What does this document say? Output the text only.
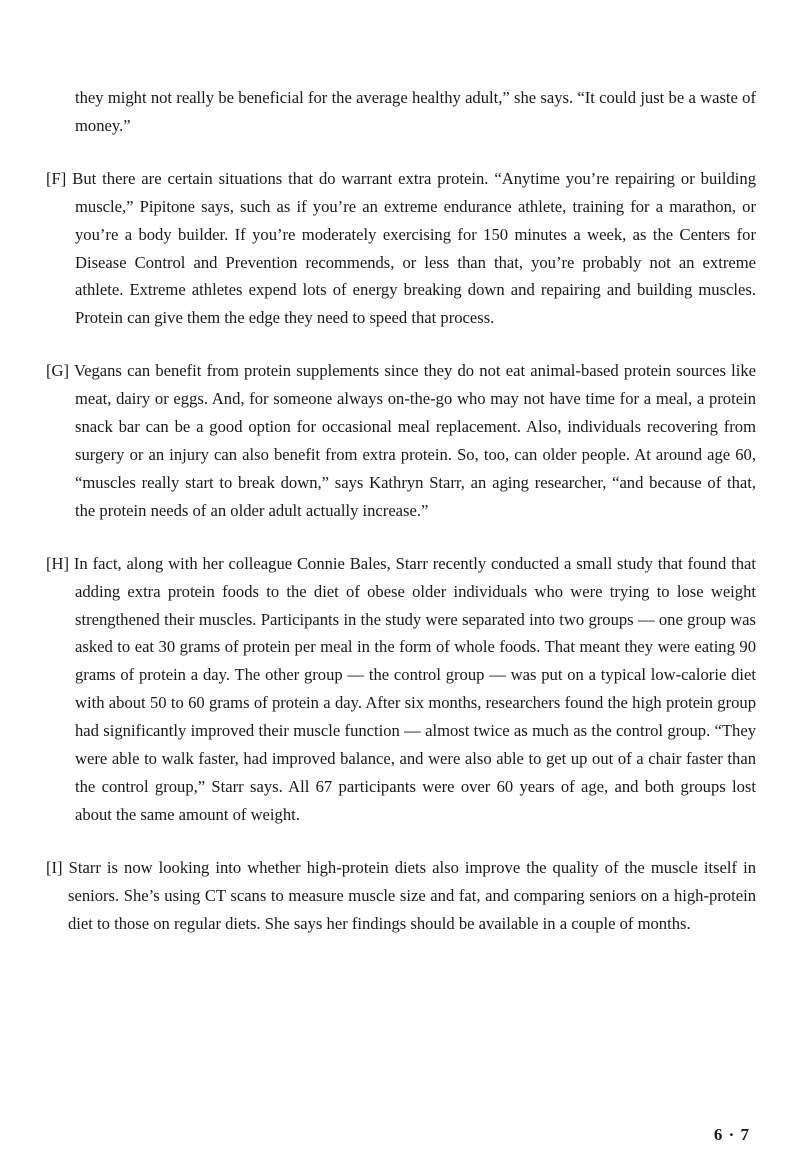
they might not really be beneficial for the average healthy adult,” she says. “It could just be a waste of money.”

[F] But there are certain situations that do warrant extra protein. “Anytime you’re repairing or building muscle,” Pipitone says, such as if you’re an extreme endurance athlete, training for a marathon, or you’re a body builder. If you’re moderately exercising for 150 minutes a week, as the Centers for Disease Control and Prevention recommends, or less than that, you’re probably not an extreme athlete. Extreme athletes expend lots of energy breaking down and repairing and building muscles. Protein can give them the edge they need to speed that process.

[G] Vegans can benefit from protein supplements since they do not eat animal-based protein sources like meat, dairy or eggs. And, for someone always on-the-go who may not have time for a meal, a protein snack bar can be a good option for occasional meal replacement. Also, individuals recovering from surgery or an injury can also benefit from extra protein. So, too, can older people. At around age 60, “muscles really start to break down,” says Kathryn Starr, an aging researcher, “and because of that, the protein needs of an older adult actually increase.”

[H] In fact, along with her colleague Connie Bales, Starr recently conducted a small study that found that adding extra protein foods to the diet of obese older individuals who were trying to lose weight strengthened their muscles. Participants in the study were separated into two groups — one group was asked to eat 30 grams of protein per meal in the form of whole foods. That meant they were eating 90 grams of protein a day. The other group — the control group — was put on a typical low-calorie diet with about 50 to 60 grams of protein a day. After six months, researchers found the high protein group had significantly improved their muscle function — almost twice as much as the control group. “They were able to walk faster, had improved balance, and were also able to get up out of a chair faster than the control group,” Starr says. All 67 participants were over 60 years of age, and both groups lost about the same amount of weight.

[I] Starr is now looking into whether high-protein diets also improve the quality of the muscle itself in seniors. She’s using CT scans to measure muscle size and fat, and comparing seniors on a high-protein diet to those on regular diets. She says her findings should be available in a couple of months.

6 · 7
